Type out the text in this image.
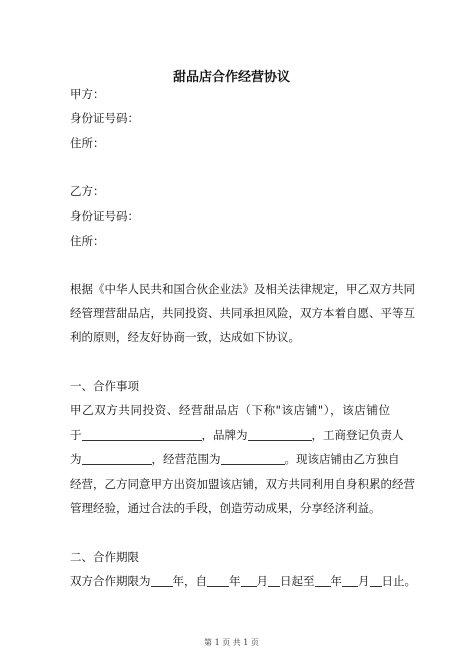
甜品店合作经营协议
甲方：
身份证号码：
住所：
乙方：
身份证号码：
住所：
根据《中华人民共和国合伙企业法》及相关法律规定，甲乙双方共同
经管理营甜品店，共同投资、共同承担风险，双方本着自愿、平等互
利的原则，经友好协商一致，达成如下协议。
一、合作事项
甲乙双方共同投资、经营甜品店（下称"该店铺"），该店铺位
于	，品牌为	，工商登记负责人
为	，经营范围为	。现该店铺由乙方独自
经营，乙方同意甲方出资加盟该店铺，双方共同利用自身积累的经营
管理经验，通过合法的手段，创造劳动成果，分享经济利益。
二、合作期限
双方合作期限为 年，自 年 月 日起至 年 月 日止。
第 1 页 共 1 页
